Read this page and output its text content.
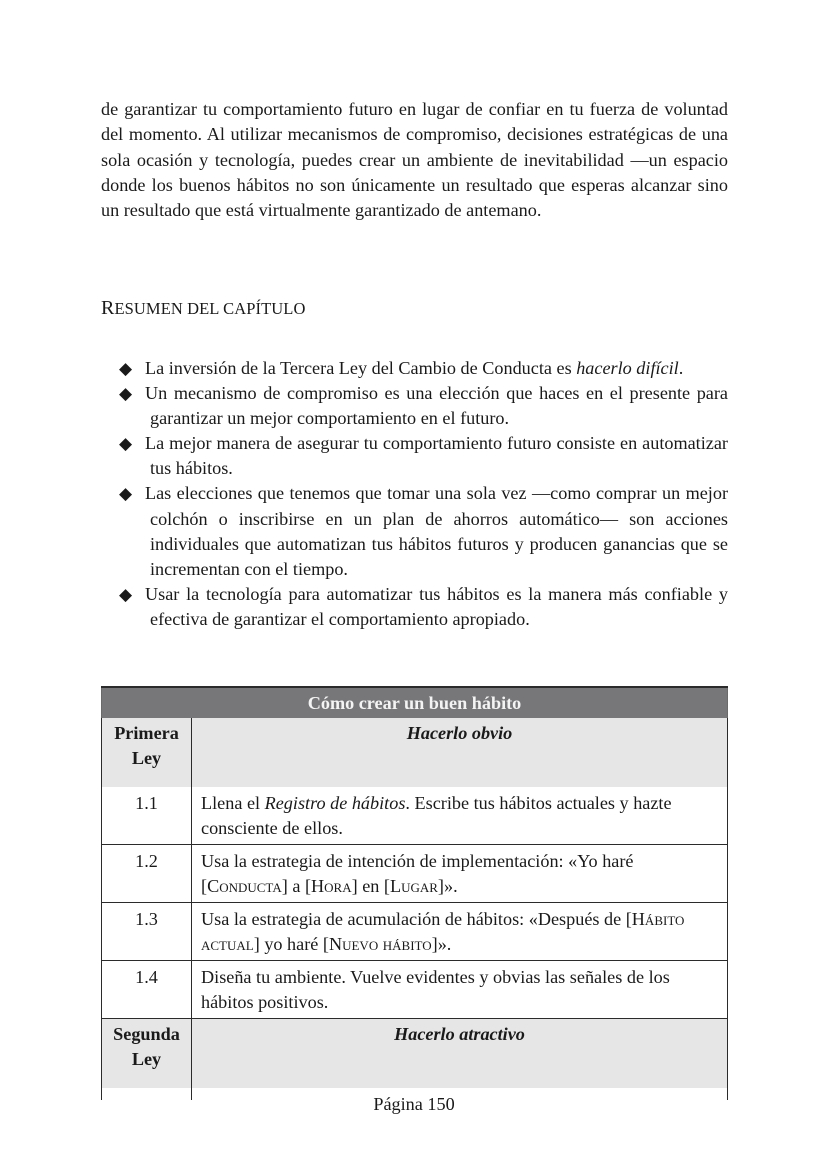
de garantizar tu comportamiento futuro en lugar de confiar en tu fuerza de voluntad del momento. Al utilizar mecanismos de compromiso, decisiones estratégicas de una sola ocasión y tecnología, puedes crear un ambiente de inevitabilidad —un espacio donde los buenos hábitos no son únicamente un resultado que esperas alcanzar sino un resultado que está virtualmente garantizado de antemano.

RESUMEN DEL CAPÍTULO
◆ La inversión de la Tercera Ley del Cambio de Conducta es hacerlo difícil.
◆ Un mecanismo de compromiso es una elección que haces en el presente para garantizar un mejor comportamiento en el futuro.
◆ La mejor manera de asegurar tu comportamiento futuro consiste en automatizar tus hábitos.
◆ Las elecciones que tenemos que tomar una sola vez —como comprar un mejor colchón o inscribirse en un plan de ahorros automático— son acciones individuales que automatizan tus hábitos futuros y producen ganancias que se incrementan con el tiempo.
◆ Usar la tecnología para automatizar tus hábitos es la manera más confiable y efectiva de garantizar el comportamiento apropiado.
Cómo crear un buen hábito	
Primera
Ley	Hacerlo obvio
1.1	Llena el Registro de hábitos. Escribe tus hábitos actuales y hazte consciente de ellos.
1.2	Usa la estrategia de intención de implementación: «Yo haré [Conducta] a [Hora] en [Lugar]».
1.3	Usa la estrategia de acumulación de hábitos: «Después de [Hábito actual] yo haré [Nuevo hábito]».
1.4	Diseña tu ambiente. Vuelve evidentes y obvias las señales de los hábitos positivos.
Segunda
Ley	Hacerlo atractivo

Página 150
